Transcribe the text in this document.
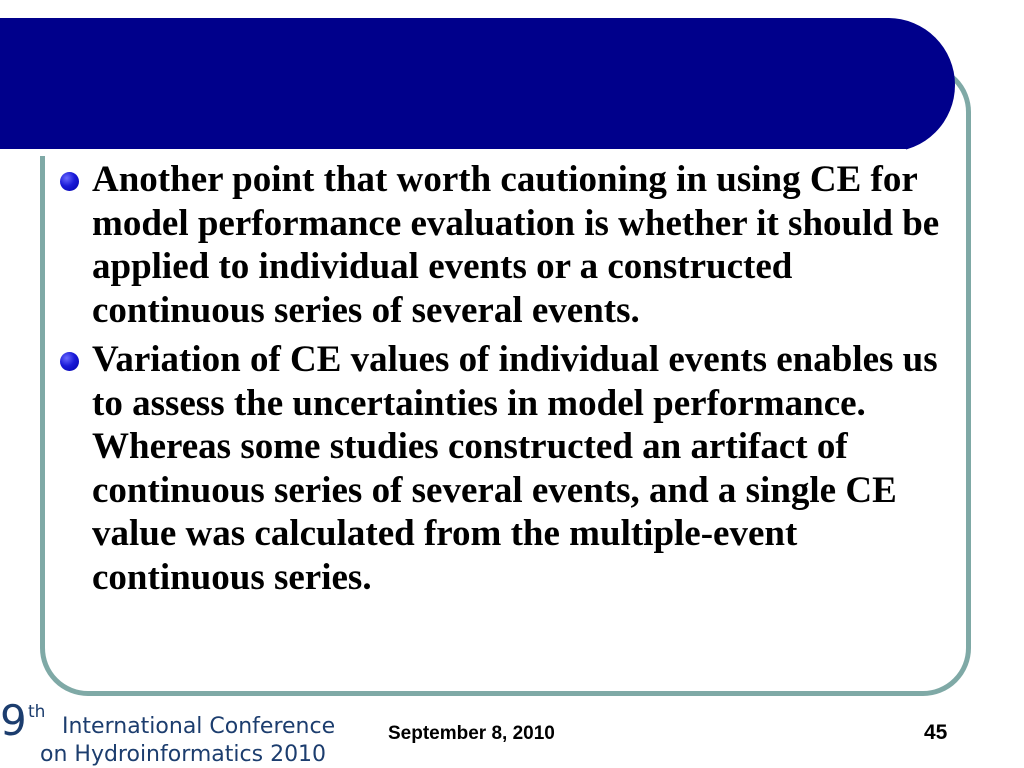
Another point that worth cautioning in using CE for model performance evaluation is whether it should be applied to individual events or a constructed continuous series of several events.
Variation of CE values of individual events enables us to assess the uncertainties in model performance. Whereas some studies constructed an artifact of continuous series of several events, and a single CE value was calculated from the multiple-event continuous series.
9 th
International Conference
on Hydroinformatics 2010
September 8, 2010	45
